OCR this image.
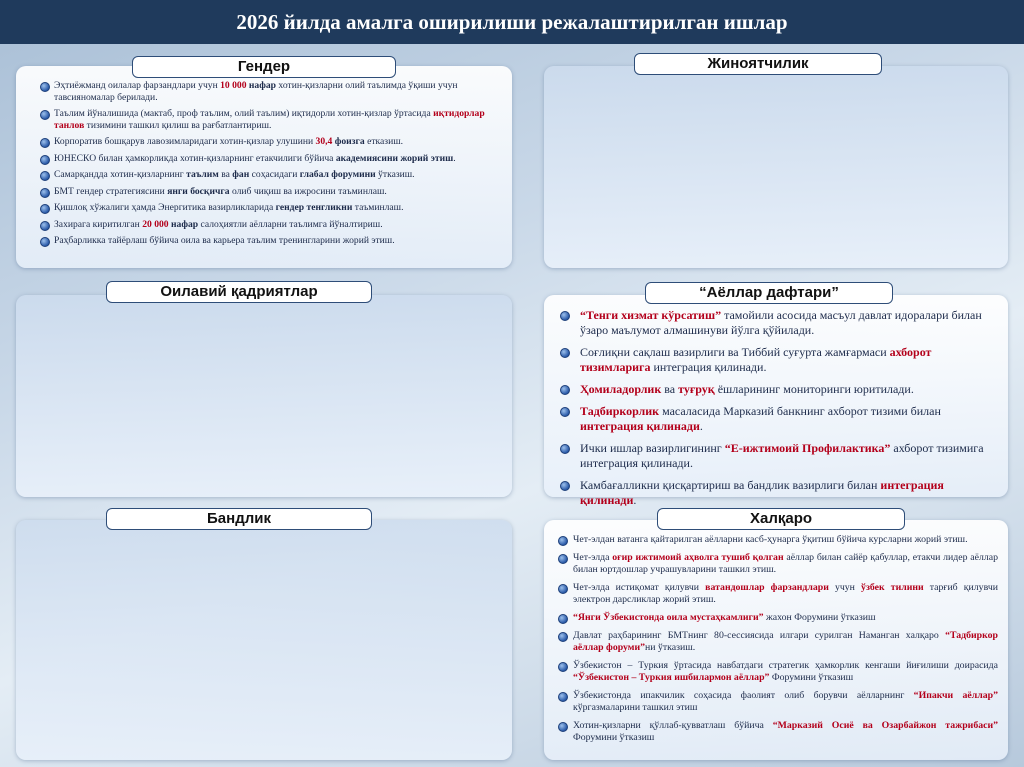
2026 йилда амалга оширилиши режалаштирилган ишлар
Гендер	Жиноятчилик
Оилавий қадриятлар	“Аёллар дафтари”
Бандлик	Халқаро
Эҳтиёжманд оилалар фарзандлари учун 10 000 нафар хотин-қизларни олий таълимда ўқиши учун тавсияномалар берилади.
Таълим йўналишида (мактаб, проф таълим, олий таълим) иқтидорли хотин-қизлар ўртасида иқтидорлар танлов тизимини ташкил қилиш ва рағбатлантириш.
Корпоратив бошқарув лавозимларидаги хотин-қизлар улушини 30,4 фоизга етказиш.
ЮНЕСКО билан ҳамкорликда хотин-қизларнинг етакчилиги бўйича академиясини жорий этиш.
Самарқандда хотин-қизларнинг таълим ва фан соҳасидаги глабал форумини ўтказиш.
БМТ гендер стратегиясини янги босқичга олиб чиқиш ва ижросини таъминлаш.
Қишлоқ хўжалиги ҳамда Энергитика вазирликларида гендер тенгликни таъминлаш.
Захирага киритилган 20 000 нафар салоҳиятли аёлларни таълимга йўналтириш.
Раҳбарликка тайёрлаш бўйича оила ва карьера таълим тренингларини жорий этиш.
“Тенги хизмат кўрсатиш” тамойили асосида масъул давлат идоралари билан ўзаро маълумот алмашинуви йўлга қўйилади.
Соғлиқни сақлаш вазирлиги ва Тиббий суғурта жамғармаси ахборот тизимларига интеграция қилинади.
Ҳомиладорлик ва туғруқ ёшларининг мониторинги юритилади.
Тадбиркорлик масаласида Марказий банкнинг ахборот тизими билан интеграция қилинади.
Ички ишлар вазирлигининг “Е-ижтимоий Профилактика” ахборот тизимига интеграция қилинади.
Камбағалликни қисқартириш ва бандлик вазирлиги билан интеграция қилинади.
Чет-элдан ватанга қайтарилган аёлларни касб-ҳунарга ўқитиш бўйича курсларни жорий этиш.
Чет-элда оғир ижтимоий аҳволга тушиб қолган аёллар билан сайёр қабуллар, етакчи лидер аёллар билан юртдошлар учрашувларини ташкил этиш.
Чет-элда истиқомат қилувчи ватандошлар фарзандлари учун ўзбек тилини тарғиб қилувчи электрон дарсликлар жорий этиш.
“Янги Ўзбекистонда оила мустаҳкамлиги” жахон Форумини ўтказиш
Давлат раҳбарининг БМТнинг 80-сессиясида илгари сурилган Наманган халқаро “Тадбиркор аёллар форуми”ни ўтказиш.
Ўзбекистон – Туркия ўртасида навбатдаги стратегик ҳамкорлик кенгаши йиғилиши доирасида “Ўзбекистон – Туркия ишбилармон аёллар” Форумини ўтказиш
Ўзбекистонда ипакчилик соҳасида фаолият олиб борувчи аёлларнинг “Ипакчи аёллар” кўргазмаларини ташкил этиш
Хотин-қизларни қўллаб-қувватлаш бўйича “Марказий Осиё ва Озарбайжон тажрибаси” Форумини ўтказиш
